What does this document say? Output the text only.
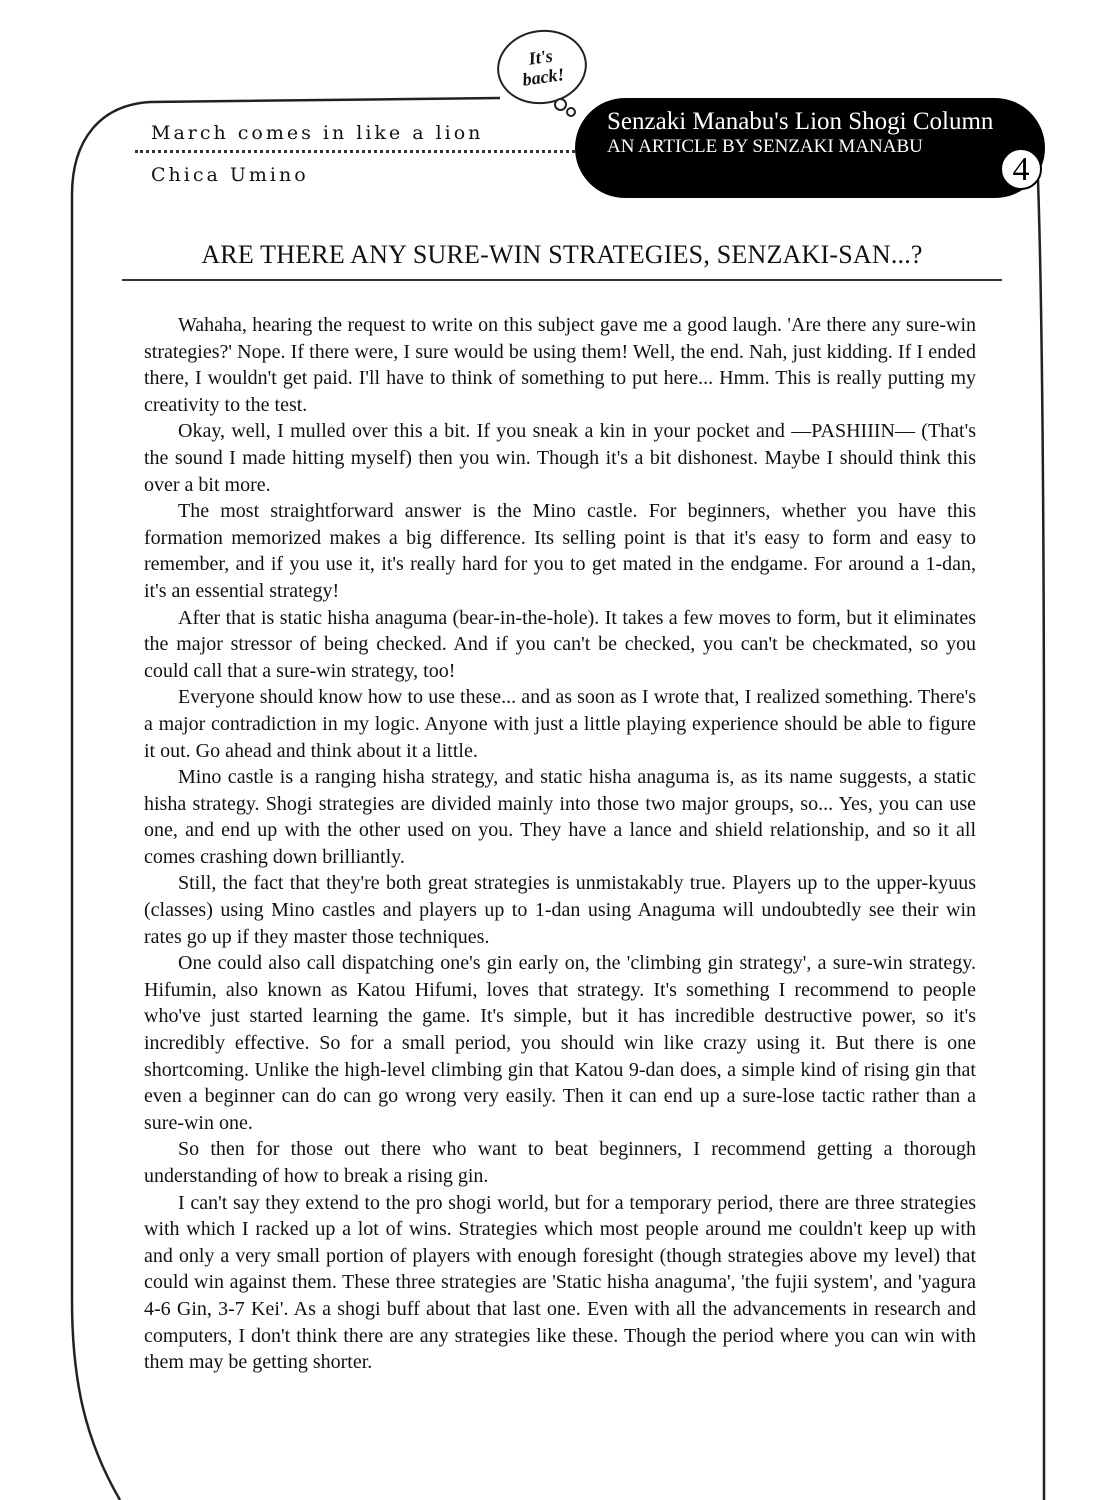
It's
back!
March comes in like a lion
Chica Umino
Senzaki Manabu's Lion Shogi Column
AN ARTICLE BY SENZAKI MANABU
4
ARE THERE ANY SURE-WIN STRATEGIES, SENZAKI-SAN...?

Wahaha, hearing the request to write on this subject gave me a good laugh. 'Are there any sure-win strategies?' Nope. If there were, I sure would be using them! Well, the end. Nah, just kidding. If I ended there, I wouldn't get paid. I'll have to think of something to put here... Hmm. This is really putting my creativity to the test.

Okay, well, I mulled over this a bit. If you sneak a kin in your pocket and —PASHIIIN— (That's the sound I made hitting myself) then you win. Though it's a bit dishonest. Maybe I should think this over a bit more.

The most straightforward answer is the Mino castle. For beginners, whether you have this formation memorized makes a big difference. Its selling point is that it's easy to form and easy to remember, and if you use it, it's really hard for you to get mated in the endgame. For around a 1-dan, it's an essential strategy!

After that is static hisha anaguma (bear-in-the-hole). It takes a few moves to form, but it eliminates the major stressor of being checked. And if you can't be checked, you can't be checkmated, so you could call that a sure-win strategy, too!

Everyone should know how to use these... and as soon as I wrote that, I realized something. There's a major contradiction in my logic. Anyone with just a little playing experience should be able to figure it out. Go ahead and think about it a little.

Mino castle is a ranging hisha strategy, and static hisha anaguma is, as its name suggests, a static hisha strategy. Shogi strategies are divided mainly into those two major groups, so... Yes, you can use one, and end up with the other used on you. They have a lance and shield relationship, and so it all comes crashing down brilliantly.

Still, the fact that they're both great strategies is unmistakably true. Players up to the upper-kyuus (classes) using Mino castles and players up to 1-dan using Anaguma will undoubtedly see their win rates go up if they master those techniques.

One could also call dispatching one's gin early on, the 'climbing gin strategy', a sure-win strategy. Hifumin, also known as Katou Hifumi, loves that strategy. It's something I recommend to people who've just started learning the game. It's simple, but it has incredible destructive power, so it's incredibly effective. So for a small period, you should win like crazy using it. But there is one shortcoming. Unlike the high-level climbing gin that Katou 9-dan does, a simple kind of rising gin that even a beginner can do can go wrong very easily. Then it can end up a sure-lose tactic rather than a sure-win one.

So then for those out there who want to beat beginners, I recommend getting a thorough understanding of how to break a rising gin.

I can't say they extend to the pro shogi world, but for a temporary period, there are three strategies with which I racked up a lot of wins. Strategies which most people around me couldn't keep up with and only a very small portion of players with enough foresight (though strategies above my level) that could win against them. These three strategies are 'Static hisha anaguma', 'the fujii system', and 'yagura 4-6 Gin, 3-7 Kei'. As a shogi buff about that last one. Even with all the advancements in research and computers, I don't think there are any strategies like these. Though the period where you can win with them may be getting shorter.
